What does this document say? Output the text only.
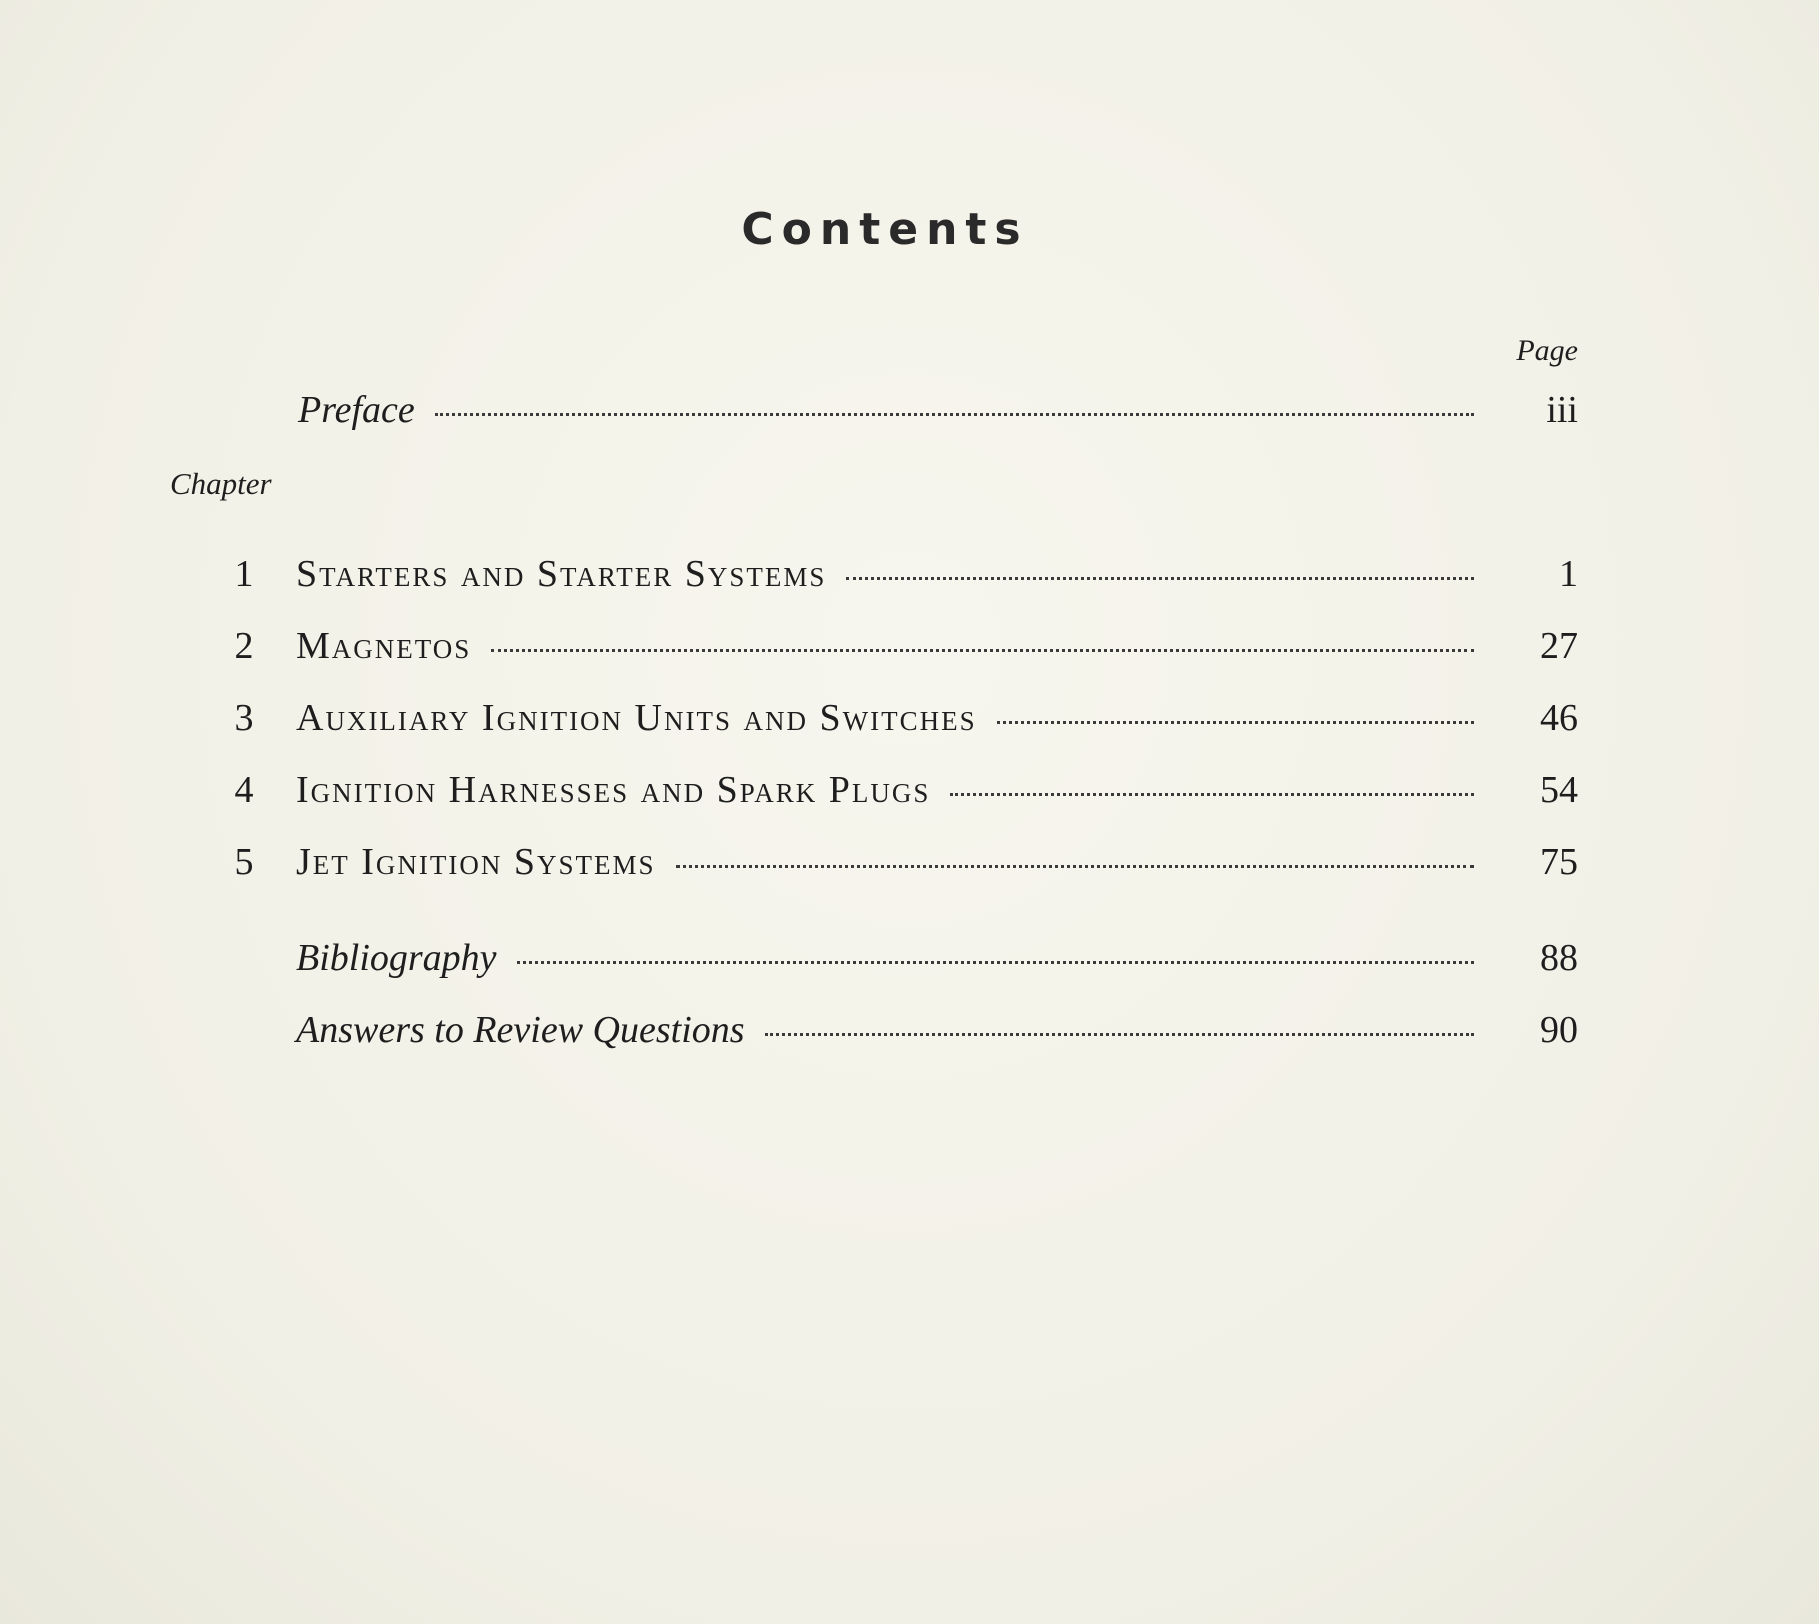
Contents
Page
Preface	iii
Chapter
1	Starters and Starter Systems	1
2	Magnetos	27
3	Auxiliary Ignition Units and Switches	46
4	Ignition Harnesses and Spark Plugs	54
5	Jet Ignition Systems	75
Bibliography	88
Answers to Review Questions	90
